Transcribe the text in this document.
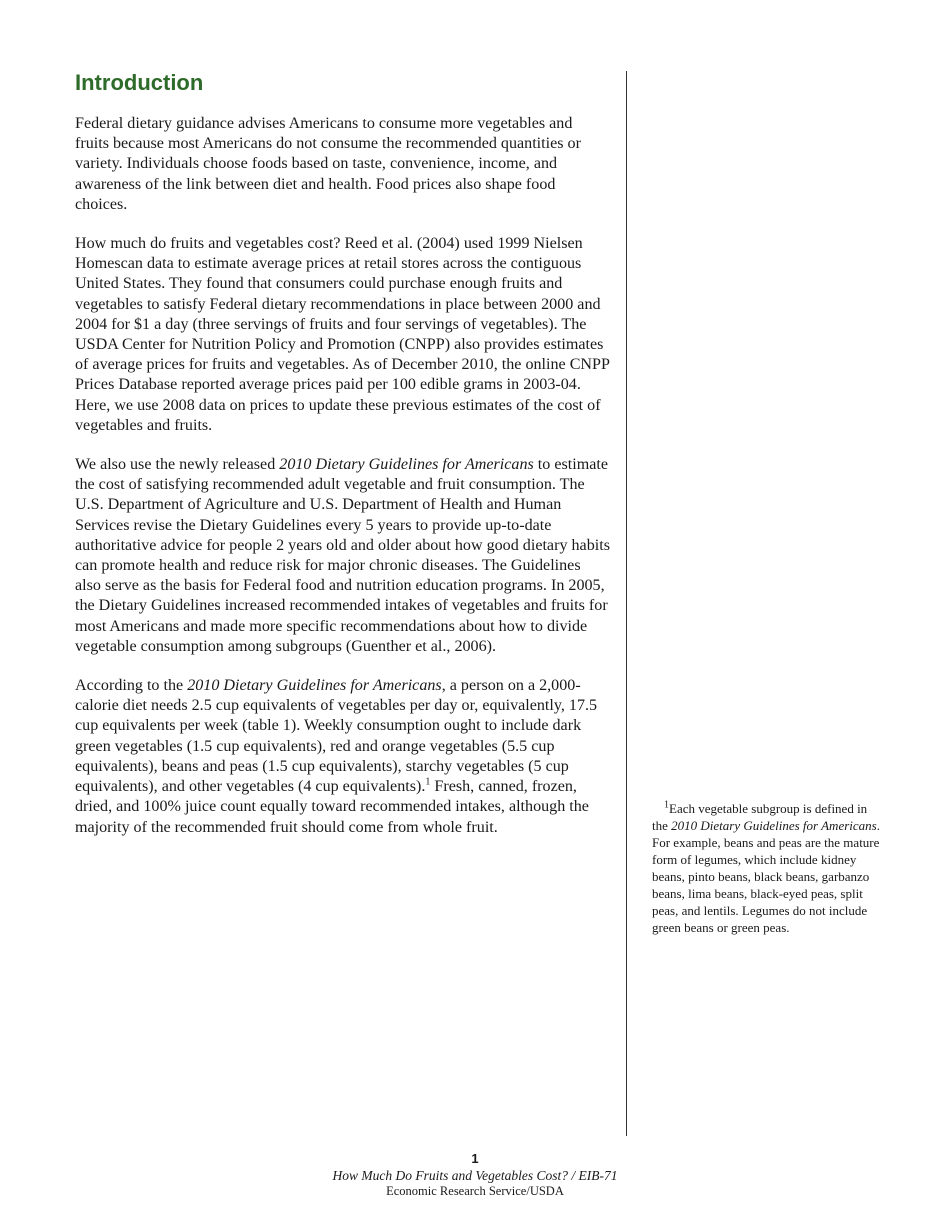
Introduction

Federal dietary guidance advises Americans to consume more vegetables and fruits because most Americans do not consume the recommended quantities or variety. Individuals choose foods based on taste, convenience, income, and awareness of the link between diet and health. Food prices also shape food choices.

How much do fruits and vegetables cost? Reed et al. (2004) used 1999 Nielsen Homescan data to estimate average prices at retail stores across the contiguous United States. They found that consumers could purchase enough fruits and vegetables to satisfy Federal dietary recommendations in place between 2000 and 2004 for $1 a day (three servings of fruits and four servings of vegetables). The USDA Center for Nutrition Policy and Promotion (CNPP) also provides estimates of average prices for fruits and vegetables. As of December 2010, the online CNPP Prices Database reported average prices paid per 100 edible grams in 2003-04. Here, we use 2008 data on prices to update these previous estimates of the cost of vegetables and fruits.

We also use the newly released 2010 Dietary Guidelines for Americans to estimate the cost of satisfying recommended adult vegetable and fruit consumption. The U.S. Department of Agriculture and U.S. Department of Health and Human Services revise the Dietary Guidelines every 5 years to provide up-to-date authoritative advice for people 2 years old and older about how good dietary habits can promote health and reduce risk for major chronic diseases. The Guidelines also serve as the basis for Federal food and nutrition education programs. In 2005, the Dietary Guidelines increased recommended intakes of vegetables and fruits for most Americans and made more specific recommendations about how to divide vegetable consumption among subgroups (Guenther et al., 2006).

According to the 2010 Dietary Guidelines for Americans, a person on a 2,000-calorie diet needs 2.5 cup equivalents of vegetables per day or, equivalently, 17.5 cup equivalents per week (table 1). Weekly consumption ought to include dark green vegetables (1.5 cup equivalents), red and orange vegetables (5.5 cup equivalents), beans and peas (1.5 cup equivalents), starchy vegetables (5 cup equivalents), and other vegetables (4 cup equivalents).$^1$ Fresh, canned, frozen, dried, and 100% juice count equally toward recommended intakes, although the majority of the recommended fruit should come from whole fruit.

$^1$Each vegetable subgroup is defined in the 2010 Dietary Guidelines for Americans. For example, beans and peas are the mature form of legumes, which include kidney beans, pinto beans, black beans, garbanzo beans, lima beans, black-eyed peas, split peas, and lentils. Legumes do not include green beans or green peas.
1
How Much Do Fruits and Vegetables Cost? / EIB-71
Economic Research Service/USDA
